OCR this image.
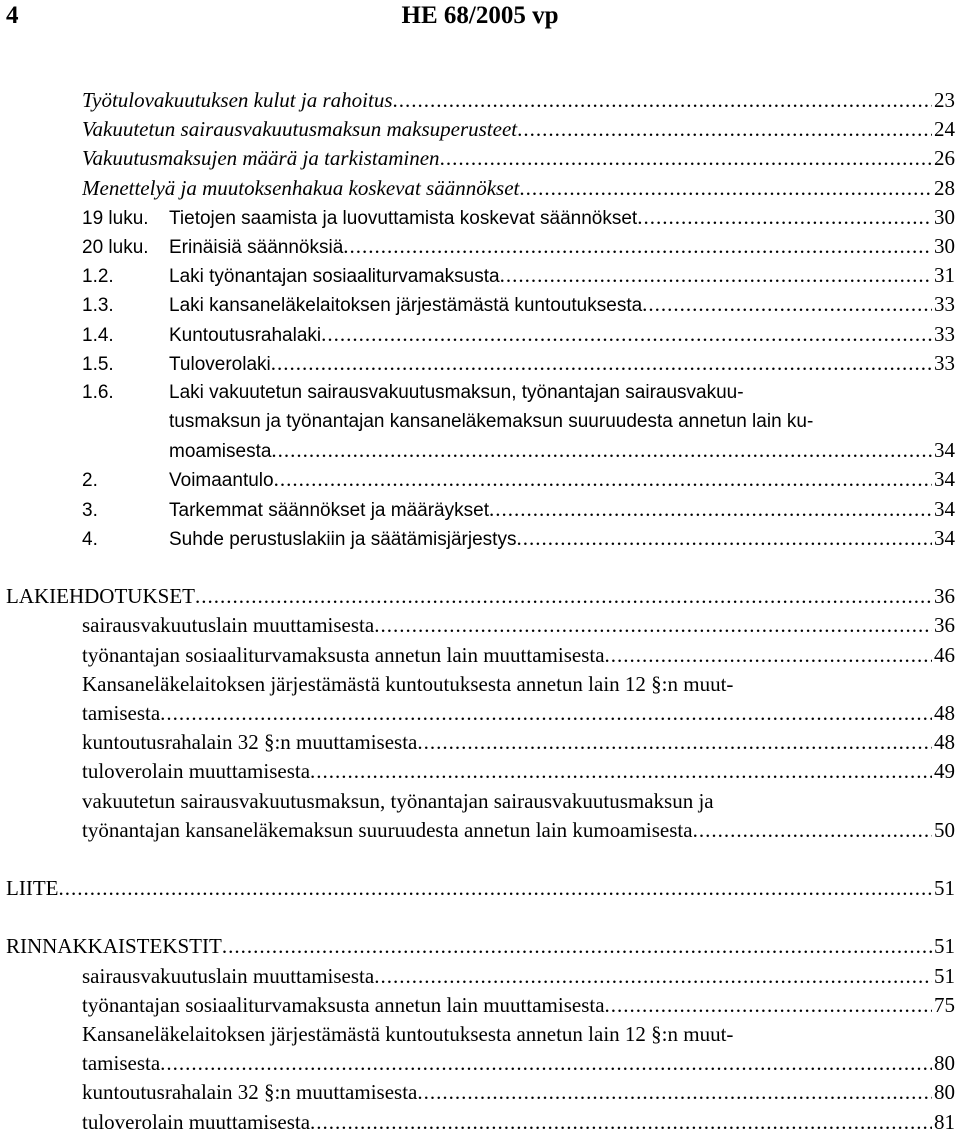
4	HE 68/2005 vp
Työtulovakuutuksen kulut ja rahoitus .....	23
Vakuutetun sairausvakuutusmaksun maksuperusteet .....	24
Vakuutusmaksujen määrä ja tarkistaminen .....	26
Menettelyä ja muutoksenhakua koskevat säännökset .....	28
19 luku.	Tietojen saamista ja luovuttamista koskevat säännökset .....	30
20 luku.	Erinäisiä säännöksiä .....	30
1.2.	Laki työnantajan sosiaaliturvamaksusta .....	31
1.3.	Laki kansaneläkelaitoksen järjestämästä kuntoutuksesta .....	33
1.4.	Kuntoutusrahalaki .....	33
1.5.	Tuloverolaki .....	33
1.6.	Laki vakuutetun sairausvakuutusmaksun, työnantajan sairausvakuu-
tusmaksun ja työnantajan kansaneläkemaksun suuruudesta annetun lain ku-
moamisesta .....	34
2.	Voimaantulo .....	34
3.	Tarkemmat säännökset ja määräykset .....	34
4.	Suhde perustuslakiin ja säätämisjärjestys .....	34
LAKIEHDOTUKSET .....	36
sairausvakuutuslain muuttamisesta .....	36
työnantajan sosiaaliturvamaksusta annetun lain muuttamisesta .....	46
Kansaneläkelaitoksen järjestämästä kuntoutuksesta annetun lain 12 §:n muut-
tamisesta .....	48
kuntoutusrahalain 32 §:n muuttamisesta .....	48
tuloverolain muuttamisesta .....	49
vakuutetun sairausvakuutusmaksun, työnantajan sairausvakuutusmaksun ja
työnantajan kansaneläkemaksun suuruudesta annetun lain kumoamisesta .....	50
LIITE .....	51
RINNAKKAISTEKSTIT .....	51
sairausvakuutuslain muuttamisesta .....	51
työnantajan sosiaaliturvamaksusta annetun lain muuttamisesta .....	75
Kansaneläkelaitoksen järjestämästä kuntoutuksesta annetun lain 12 §:n muut-
tamisesta .....	80
kuntoutusrahalain 32 §:n muuttamisesta .....	80
tuloverolain muuttamisesta .....	81
